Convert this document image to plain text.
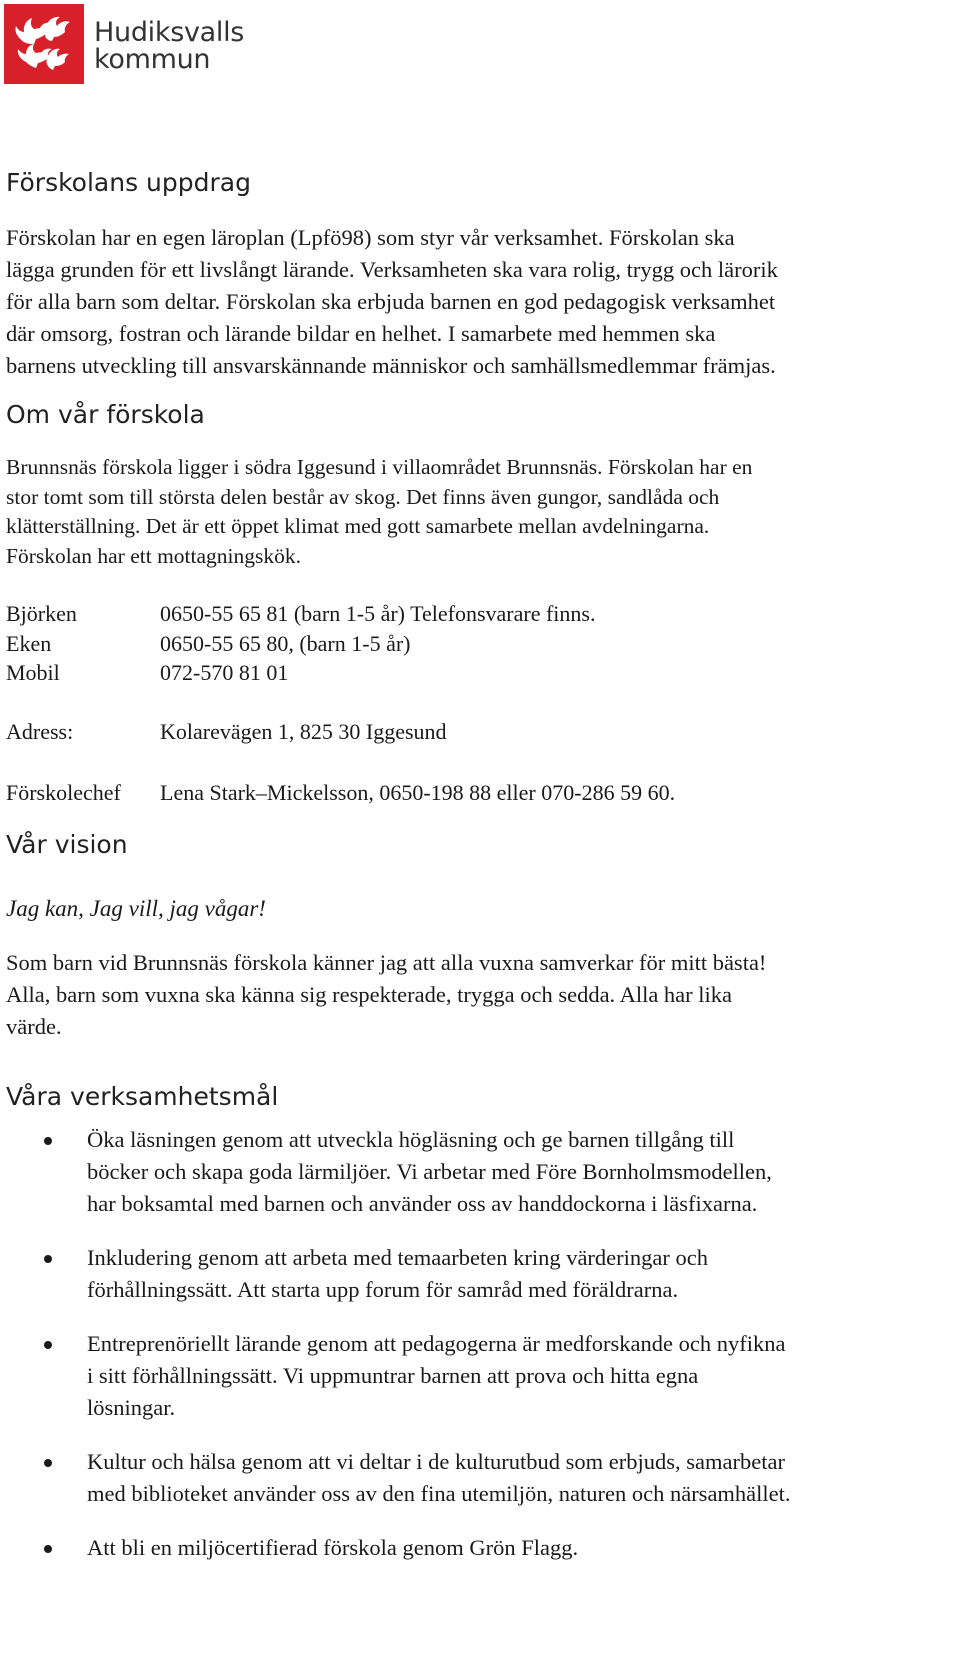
Hudiksvalls
kommun
Förskolans uppdrag
Förskolan har en egen läroplan (Lpfö98) som styr vår verksamhet. Förskolan ska
lägga grunden för ett livslångt lärande. Verksamheten ska vara rolig, trygg och lärorik
för alla barn som deltar. Förskolan ska erbjuda barnen en god pedagogisk verksamhet
där omsorg, fostran och lärande bildar en helhet. I samarbete med hemmen ska
barnens utveckling till ansvarskännande människor och samhällsmedlemmar främjas.
Om vår förskola
Brunnsnäs förskola ligger i södra Iggesund i villaområdet Brunnsnäs. Förskolan har en
stor tomt som till största delen består av skog. Det finns även gungor, sandlåda och
klätterställning. Det är ett öppet klimat med gott samarbete mellan avdelningarna.
Förskolan har ett mottagningskök.
Björken	0650-55 65 81 (barn 1-5 år) Telefonsvarare finns.
Eken	0650-55 65 80, (barn 1-5 år)
Mobil	072-570 81 01
Adress:	Kolarevägen 1, 825 30 Iggesund
Förskolechef Lena Stark–Mickelsson, 0650-198 88 eller 070-286 59 60.
Vår vision
Jag kan, Jag vill, jag vågar!
Som barn vid Brunnsnäs förskola känner jag att alla vuxna samverkar för mitt bästa!
Alla, barn som vuxna ska känna sig respekterade, trygga och sedda. Alla har lika
värde.
Våra verksamhetsmål
Öka läsningen genom att utveckla högläsning och ge barnen tillgång till
böcker och skapa goda lärmiljöer. Vi arbetar med Före Bornholmsmodellen,
har boksamtal med barnen och använder oss av handdockorna i läsfixarna.
Inkludering genom att arbeta med temaarbeten kring värderingar och
förhållningssätt. Att starta upp forum för samråd med föräldrarna.
Entreprenöriellt lärande genom att pedagogerna är medforskande och nyfikna
i sitt förhållningssätt. Vi uppmuntrar barnen att prova och hitta egna
lösningar.
Kultur och hälsa genom att vi deltar i de kulturutbud som erbjuds, samarbetar
med biblioteket använder oss av den fina utemiljön, naturen och närsamhället.
Att bli en miljöcertifierad förskola genom Grön Flagg.
